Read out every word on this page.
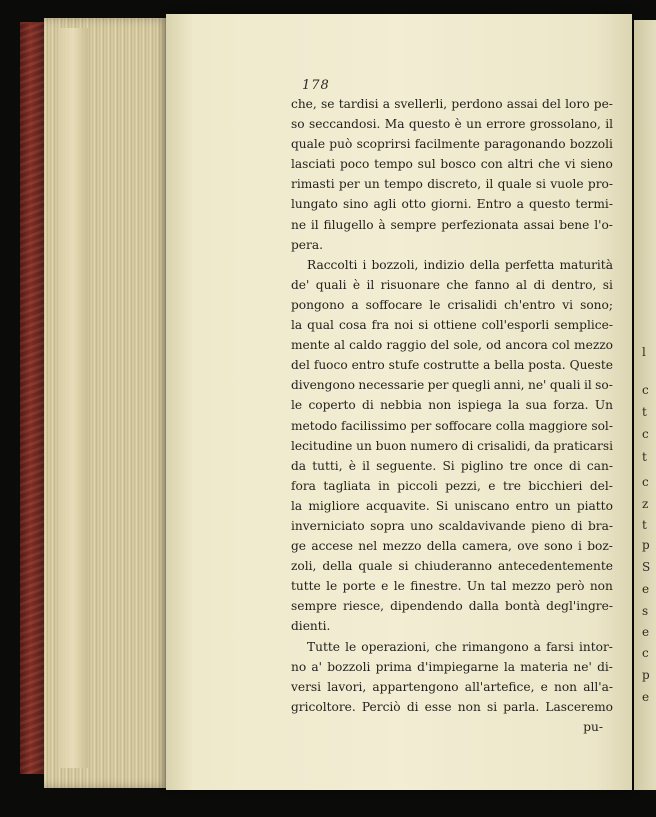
l
c
t
c
t
c
z
t
p
S
e
s
e
c
p
e
178
che, se tardisi a svellerli, perdono assai del loro pe-
so seccandosi. Ma questo è un errore grossolano, il
quale può scoprirsi facilmente paragonando bozzoli
lasciati poco tempo sul bosco con altri che vi sieno
rimasti per un tempo discreto, il quale si vuole pro-
lungato sino agli otto giorni. Entro a questo termi-
ne il filugello à sempre perfezionata assai bene l'o-
pera.
Raccolti i bozzoli, indizio della perfetta maturità
de' quali è il risuonare che fanno al di dentro, si
pongono a soffocare le crisalidi ch'entro vi sono;
la qual cosa fra noi si ottiene coll'esporli semplice-
mente al caldo raggio del sole, od ancora col mezzo
del fuoco entro stufe costrutte a bella posta. Queste
divengono necessarie per quegli anni, ne' quali il so-
le coperto di nebbia non ispiega la sua forza. Un
metodo facilissimo per soffocare colla maggiore sol-
lecitudine un buon numero di crisalidi, da praticarsi
da tutti, è il seguente. Si piglino tre once di can-
fora tagliata in piccoli pezzi, e tre bicchieri del-
la migliore acquavite. Si uniscano entro un piatto
inverniciato sopra uno scaldavivande pieno di bra-
ge accese nel mezzo della camera, ove sono i boz-
zoli, della quale si chiuderanno antecedentemente
tutte le porte e le finestre. Un tal mezzo però non
sempre riesce, dipendendo dalla bontà degl'ingre-
dienti.
Tutte le operazioni, che rimangono a farsi intor-
no a' bozzoli prima d'impiegarne la materia ne' di-
versi lavori, appartengono all'artefice, e non all'a-
gricoltore. Perciò di esse non si parla. Lasceremo
pu-
